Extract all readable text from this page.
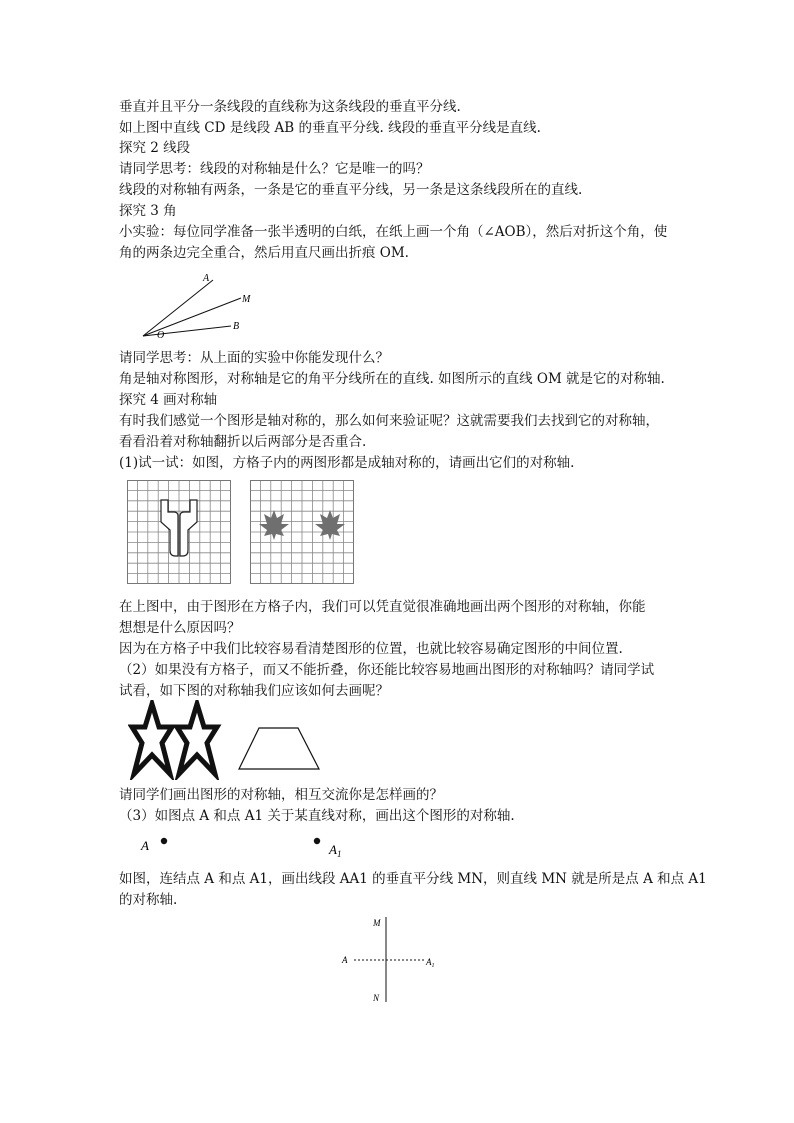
垂直并且平分一条线段的直线称为这条线段的垂直平分线.
如上图中直线 CD 是线段 AB 的垂直平分线. 线段的垂直平分线是直线.
探究 2 线段
请同学思考：线段的对称轴是什么？它是唯一的吗？
线段的对称轴有两条，一条是它的垂直平分线，另一条是这条线段所在的直线.
探究 3 角
小实验：每位同学准备一张半透明的白纸，在纸上画一个角（∠AOB），然后对折这个角，使
角的两条边完全重合，然后用直尺画出折痕 OM.
A
M
B
O
请同学思考：从上面的实验中你能发现什么？
角是轴对称图形，对称轴是它的角平分线所在的直线. 如图所示的直线 OM 就是它的对称轴.
探究 4 画对称轴
有时我们感觉一个图形是轴对称的，那么如何来验证呢？这就需要我们去找到它的对称轴，
看看沿着对称轴翻折以后两部分是否重合.
(1)试一试：如图，方格子内的两图形都是成轴对称的，请画出它们的对称轴.
在上图中，由于图形在方格子内，我们可以凭直觉很准确地画出两个图形的对称轴，你能
想想是什么原因吗？
因为在方格子中我们比较容易看清楚图形的位置，也就比较容易确定图形的中间位置.
（2）如果没有方格子，而又不能折叠，你还能比较容易地画出图形的对称轴吗？请同学试
试看，如下图的对称轴我们应该如何去画呢？
请同学们画出图形的对称轴，相互交流你是怎样画的？
（3）如图点 A 和点 A1 关于某直线对称，画出这个图形的对称轴.
A	$A_1$
如图，连结点 A 和点 A1，画出线段 AA1 的垂直平分线 MN，则直线 MN 就是所是点 A 和点 A1
的对称轴.
M
N
A	$A_1$
